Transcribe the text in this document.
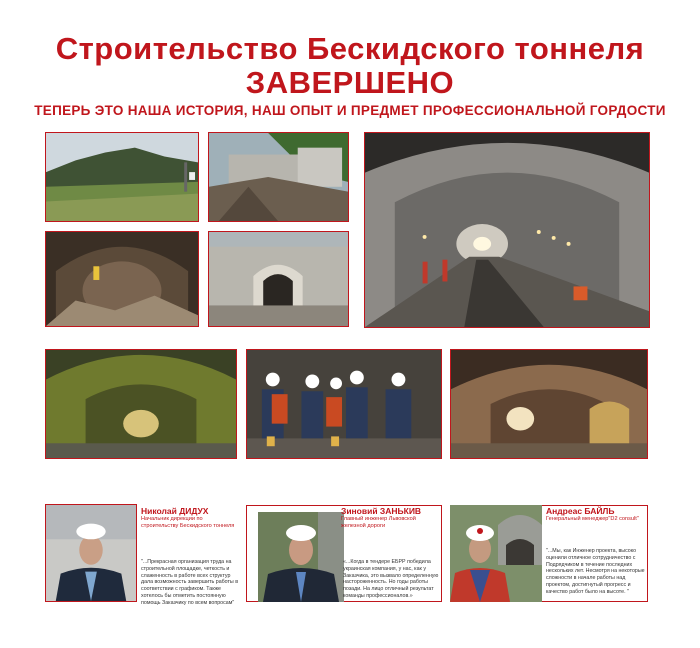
Строительство Бескидского тоннеля
ЗАВЕРШЕНО
ТЕПЕРЬ ЭТО НАША ИСТОРИЯ, НАШ ОПЫТ И ПРЕДМЕТ ПРОФЕССИОНАЛЬНОЙ ГОРДОСТИ
Николай ДИДУХ
Начальник дирекции по строительству Бескидского тоннеля
"...Прекрасная организация труда на строительной площадке, четкость и слаженность в работе всех структур дала возможность завершить работы в соответствии с графиком. Также хотелось бы отметить постоянную помощь Заказчику по всем вопросам"
Зиновий ЗАНЬКИВ
Главный инженер Львовской железной дороги
«...Когда в тендере ЕБРР победила украинская компания, у нас, как у Заказчика, это вызвало определенную настороженность. Но годы работы позади. На лицо отличный результат команды профессионалов.»
Андреас БАЙЛЬ
Генеральный менеджер"D2 consult"
"...Мы, как Инженер проекта, высоко оценили отличное сотрудничество с Подрядчиком в течение последних нескольких лет. Несмотря на некоторые сложности в начале работы над проектом, достигнутый прогресс и качество работ было на высоте. "
